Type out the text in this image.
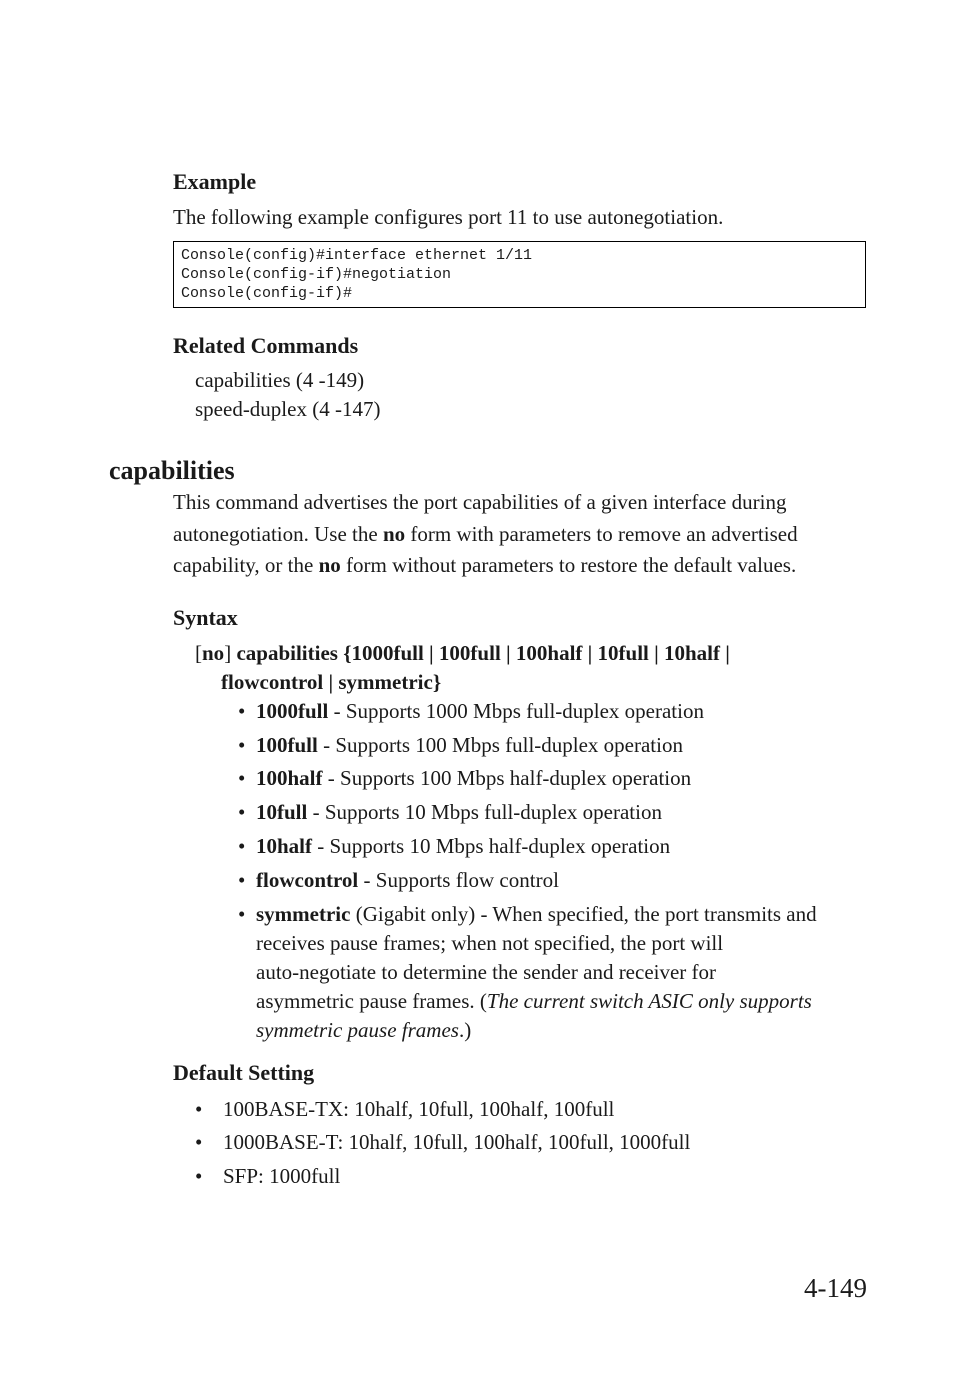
Example
The following example configures port 11 to use autonegotiation.
Console(config)#interface ethernet 1/11
Console(config-if)#negotiation
Console(config-if)#
Related Commands
capabilities (4 -149)
speed-duplex (4 -147)
capabilities
This command advertises the port capabilities of a given interface during
autonegotiation. Use the no form with parameters to remove an advertised
capability, or the no form without parameters to restore the default values.
Syntax
[no] capabilities {1000full | 100full | 100half | 10full | 10half |
flowcontrol | symmetric}
• 1000full - Supports 1000 Mbps full-duplex operation
• 100full - Supports 100 Mbps full-duplex operation
• 100half - Supports 100 Mbps half-duplex operation
• 10full - Supports 10 Mbps full-duplex operation
• 10half - Supports 10 Mbps half-duplex operation
• flowcontrol - Supports flow control
• symmetric (Gigabit only) - When specified, the port transmits and
receives pause frames; when not specified, the port will
auto-negotiate to determine the sender and receiver for
asymmetric pause frames. (The current switch ASIC only supports
symmetric pause frames.)
Default Setting
• 100BASE-TX: 10half, 10full, 100half, 100full
• 1000BASE-T: 10half, 10full, 100half, 100full, 1000full
• SFP: 1000full
4-149
